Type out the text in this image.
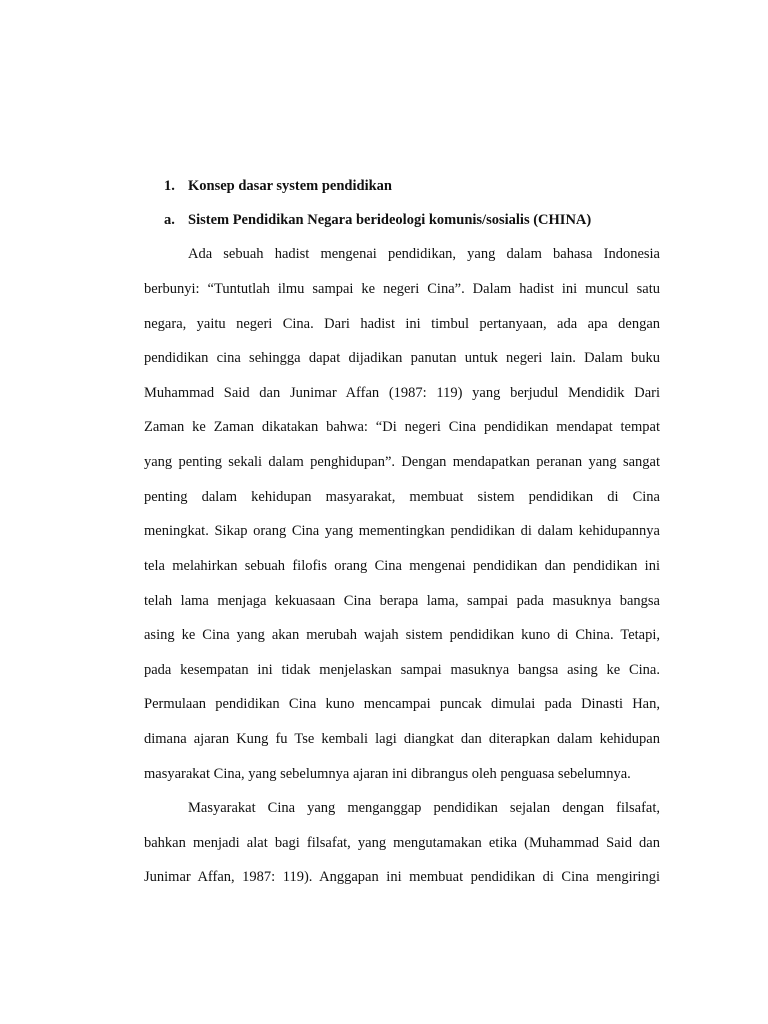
1. Konsep dasar system pendidikan
a. Sistem Pendidikan Negara berideologi komunis/sosialis (CHINA)
Ada sebuah hadist mengenai pendidikan, yang dalam bahasa Indonesia
berbunyi: “Tuntutlah ilmu sampai ke negeri Cina”. Dalam hadist ini muncul satu
negara, yaitu negeri Cina. Dari hadist ini timbul pertanyaan, ada apa dengan
pendidikan cina sehingga dapat dijadikan panutan untuk negeri lain. Dalam buku
Muhammad Said dan Junimar Affan (1987: 119) yang berjudul Mendidik Dari
Zaman ke Zaman dikatakan bahwa: “Di negeri Cina pendidikan mendapat tempat
yang penting sekali dalam penghidupan”. Dengan mendapatkan peranan yang sangat
penting dalam kehidupan masyarakat, membuat sistem pendidikan di Cina
meningkat. Sikap orang Cina yang mementingkan pendidikan di dalam kehidupannya
tela melahirkan sebuah filofis orang Cina mengenai pendidikan dan pendidikan ini
telah lama menjaga kekuasaan Cina berapa lama, sampai pada masuknya bangsa
asing ke Cina yang akan merubah wajah sistem pendidikan kuno di China. Tetapi,
pada kesempatan ini tidak menjelaskan sampai masuknya bangsa asing ke Cina.
Permulaan pendidikan Cina kuno mencampai puncak dimulai pada Dinasti Han,
dimana ajaran Kung fu Tse kembali lagi diangkat dan diterapkan dalam kehidupan
masyarakat Cina, yang sebelumnya ajaran ini dibrangus oleh penguasa sebelumnya.
Masyarakat Cina yang menganggap pendidikan sejalan dengan filsafat,
bahkan menjadi alat bagi filsafat, yang mengutamakan etika (Muhammad Said dan
Junimar Affan, 1987: 119). Anggapan ini membuat pendidikan di Cina mengiringi
